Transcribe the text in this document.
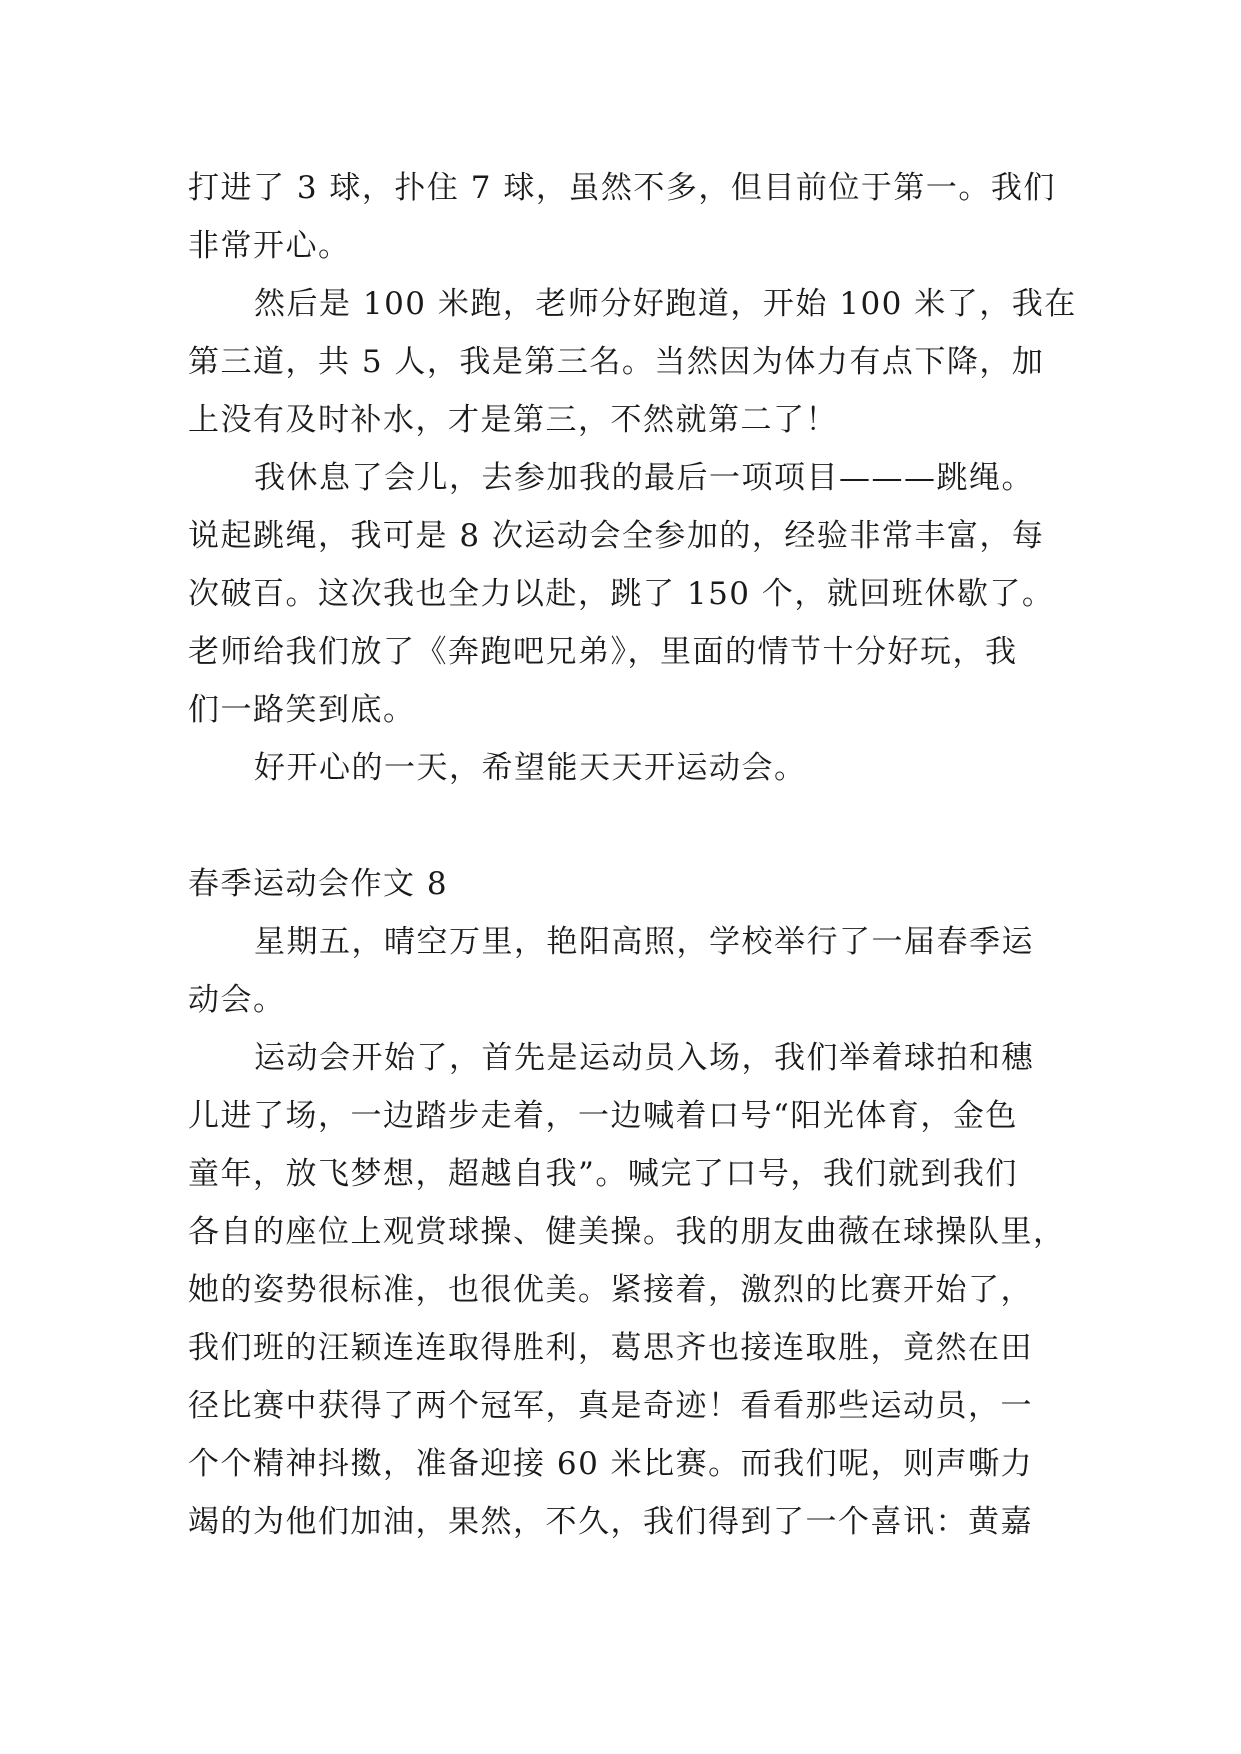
打进了 3 球，扑住 7 球，虽然不多，但目前位于第一。我们
非常开心。
然后是 100 米跑，老师分好跑道，开始 100 米了，我在
第三道，共 5 人，我是第三名。当然因为体力有点下降，加
上没有及时补水，才是第三，不然就第二了！
我休息了会儿，去参加我的最后一项项目———跳绳。
说起跳绳，我可是 8 次运动会全参加的，经验非常丰富，每
次破百。这次我也全力以赴，跳了 150 个，就回班休歇了。
老师给我们放了《奔跑吧兄弟》，里面的情节十分好玩，我
们一路笑到底。
好开心的一天，希望能天天开运动会。
春季运动会作文 8
星期五，晴空万里，艳阳高照，学校举行了一届春季运
动会。
运动会开始了，首先是运动员入场，我们举着球拍和穗
儿进了场，一边踏步走着，一边喊着口号“阳光体育，金色
童年，放飞梦想，超越自我”。喊完了口号，我们就到我们
各自的座位上观赏球操、健美操。我的朋友曲薇在球操队里，
她的姿势很标准，也很优美。紧接着，激烈的比赛开始了，
我们班的汪颖连连取得胜利，葛思齐也接连取胜，竟然在田
径比赛中获得了两个冠军，真是奇迹！看看那些运动员，一
个个精神抖擞，准备迎接 60 米比赛。而我们呢，则声嘶力
竭的为他们加油，果然，不久，我们得到了一个喜讯：黄嘉
